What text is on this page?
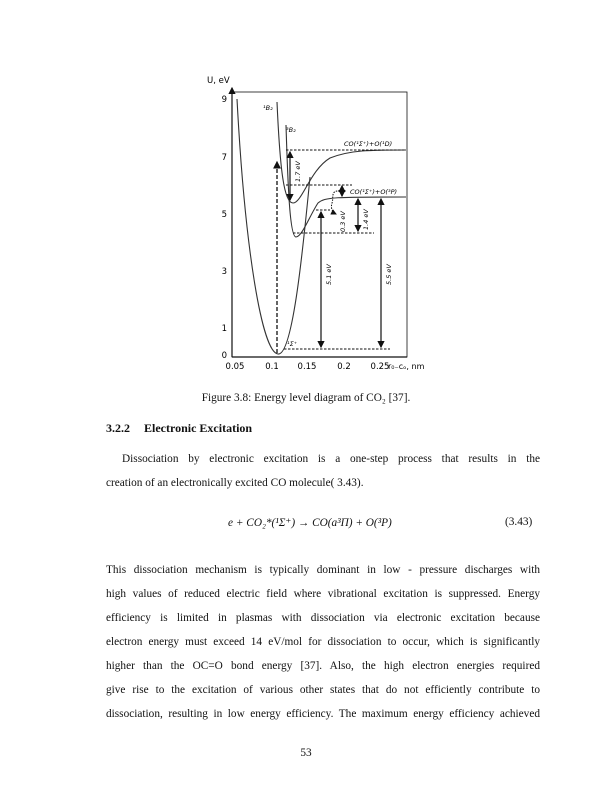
U, eV
9
7
5
3
1
0
0.05 0.1 0.15 0.2 0.25
r₀₋ᴄₒ, nm
¹B₂
³B₂
¹Σ⁺
CO(¹Σ⁺)+O(¹D)
CO(¹Σ⁺)+O(³P)
1.7 eV
0.3 eV 1.4 eV
5.1 eV	5.5 eV
Figure 3.8: Energy level diagram of CO₂ [37].
3.2.2 Electronic Excitation
Dissociation by electronic excitation is a one-step process that results in the
creation of an electronically excited CO molecule( 3.43).
e + CO₂*(¹Σ⁺) → CO(a³Π) + O(³P)	(3.43)
This dissociation mechanism is typically dominant in low - pressure discharges with
high values of reduced electric field where vibrational excitation is suppressed. Energy
efficiency is limited in plasmas with dissociation via electronic excitation because
electron energy must exceed 14 eV/mol for dissociation to occur, which is significantly
higher than the OC=O bond energy [37]. Also, the high electron energies required
give rise to the excitation of various other states that do not efficiently contribute to
dissociation, resulting in low energy efficiency. The maximum energy efficiency achieved
53
